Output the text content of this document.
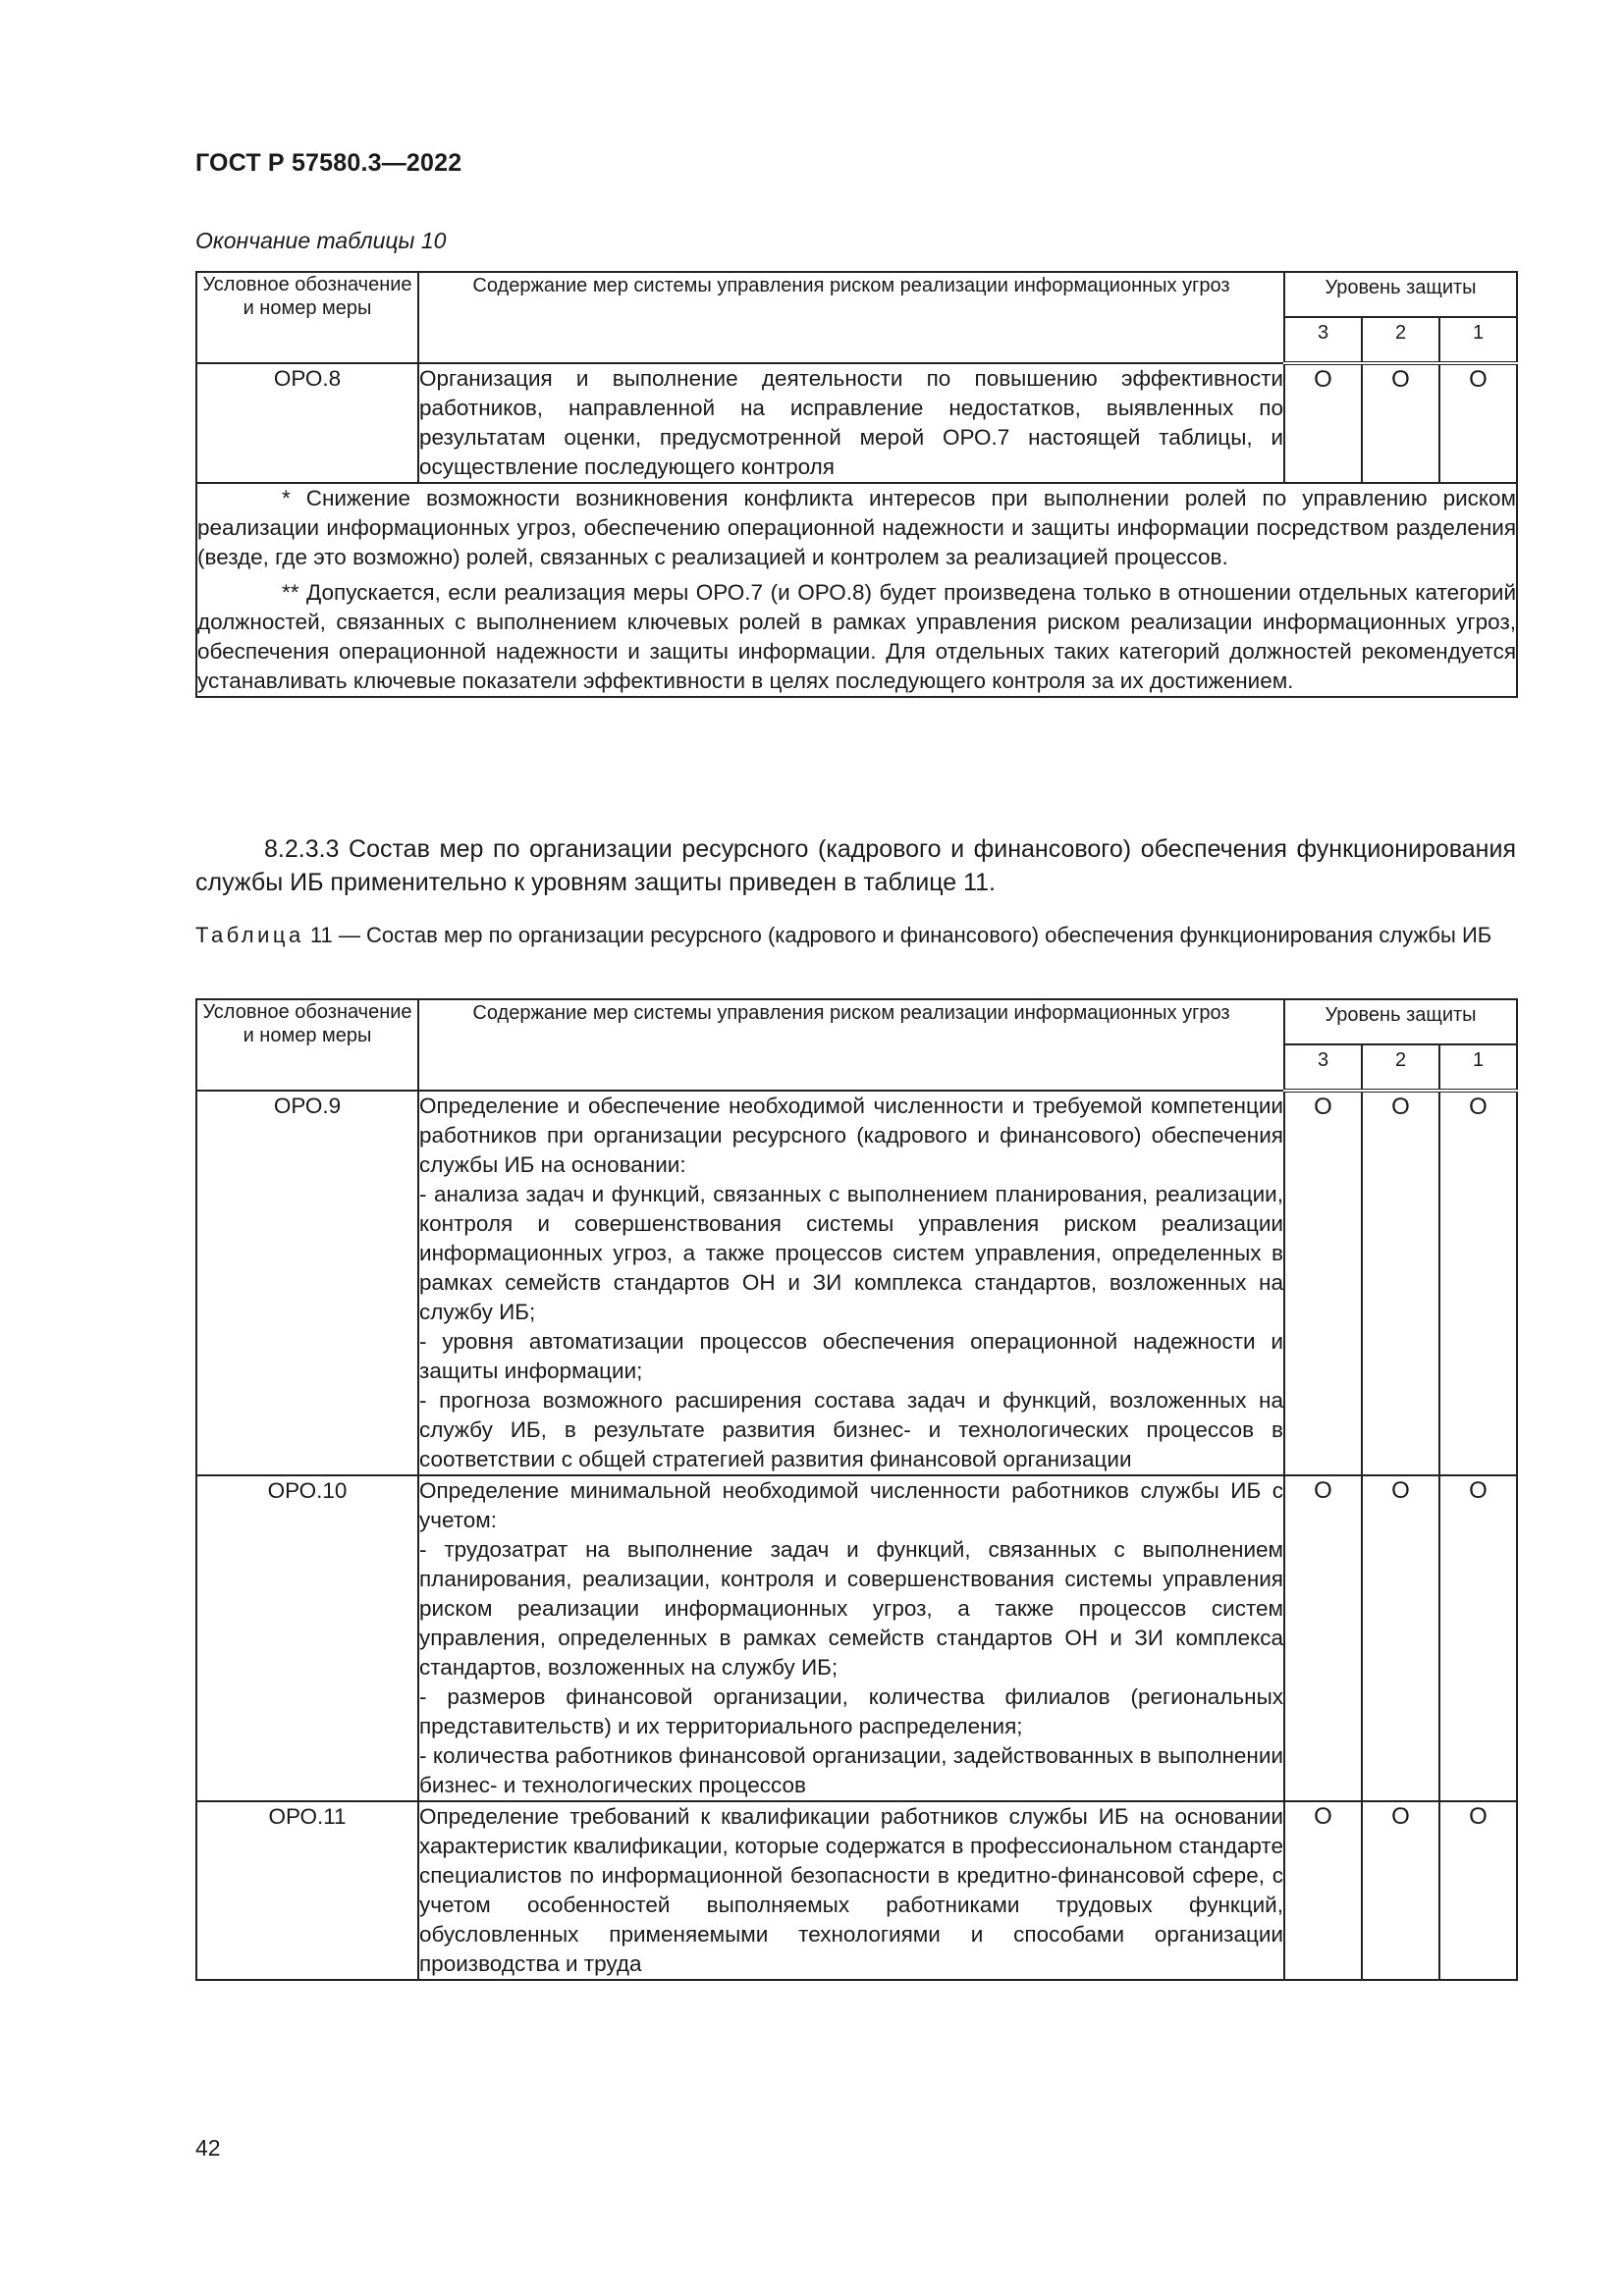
ГОСТ Р 57580.3—2022
Окончание таблицы 10
Условное обозначение и номер меры	Содержание мер системы управления риском реализации информационных угроз	Уровень защиты		
		3	2	1
ОРО.8	Организация и выполнение деятельности по повышению эффективности работников, направленной на исправление недостатков, выявленных по результатам оценки, предусмотренной мерой ОРО.7 настоящей таблицы, и осуществление последующего контроля	О	О	О

* Снижение возможности возникновения конфликта интересов при выполнении ролей по управлению риском реализации информационных угроз, обеспечению операционной надежности и защиты информации посредством разделения (везде, где это возможно) ролей, связанных с реализацией и контролем за реализацией процессов.

** Допускается, если реализация меры ОРО.7 (и ОРО.8) будет произведена только в отношении отдельных категорий должностей, связанных с выполнением ключевых ролей в рамках управления риском реализации информационных угроз, обеспечения операционной надежности и защиты информации. Для отдельных таких категорий должностей рекомендуется устанавливать ключевые показатели эффективности в целях последующего контроля за их достижением.				

8.2.3.3 Состав мер по организации ресурсного (кадрового и финансового) обеспечения функционирования службы ИБ применительно к уровням защиты приведен в таблице 11.
Таблица 11 — Состав мер по организации ресурсного (кадрового и финансового) обеспечения функционирования службы ИБ
Условное обозначение и номер меры	Содержание мер системы управления риском реализации информационных угроз	Уровень защиты		
		3	2	1
ОРО.9	Определение и обеспечение необходимой численности и требуемой компетенции работников при организации ресурсного (кадрового и финансового) обеспечения службы ИБ на основании:
- анализа задач и функций, связанных с выполнением планирования, реализации, контроля и совершенствования системы управления риском реализации информационных угроз, а также процессов систем управления, определенных в рамках семейств стандартов ОН и ЗИ комплекса стандартов, возложенных на службу ИБ;
- уровня автоматизации процессов обеспечения операционной надежности и защиты информации;
- прогноза возможного расширения состава задач и функций, возложенных на службу ИБ, в результате развития бизнес- и технологических процессов в соответствии с общей стратегией развития финансовой организации	О	О	О
ОРО.10	Определение минимальной необходимой численности работников службы ИБ с учетом:
- трудозатрат на выполнение задач и функций, связанных с выполнением планирования, реализации, контроля и совершенствования системы управления риском реализации информационных угроз, а также процессов систем управления, определенных в рамках семейств стандартов ОН и ЗИ комплекса стандартов, возложенных на службу ИБ;
- размеров финансовой организации, количества филиалов (региональных представительств) и их территориального распределения;
- количества работников финансовой организации, задействованных в выполнении бизнес- и технологических процессов	О	О	О
ОРО.11	Определение требований к квалификации работников службы ИБ на основании характеристик квалификации, которые содержатся в профессиональном стандарте специалистов по информационной безопасности в кредитно-финансовой сфере, с учетом особенностей выполняемых работниками трудовых функций, обусловленных применяемыми технологиями и способами организации производства и труда	О	О	О
42
